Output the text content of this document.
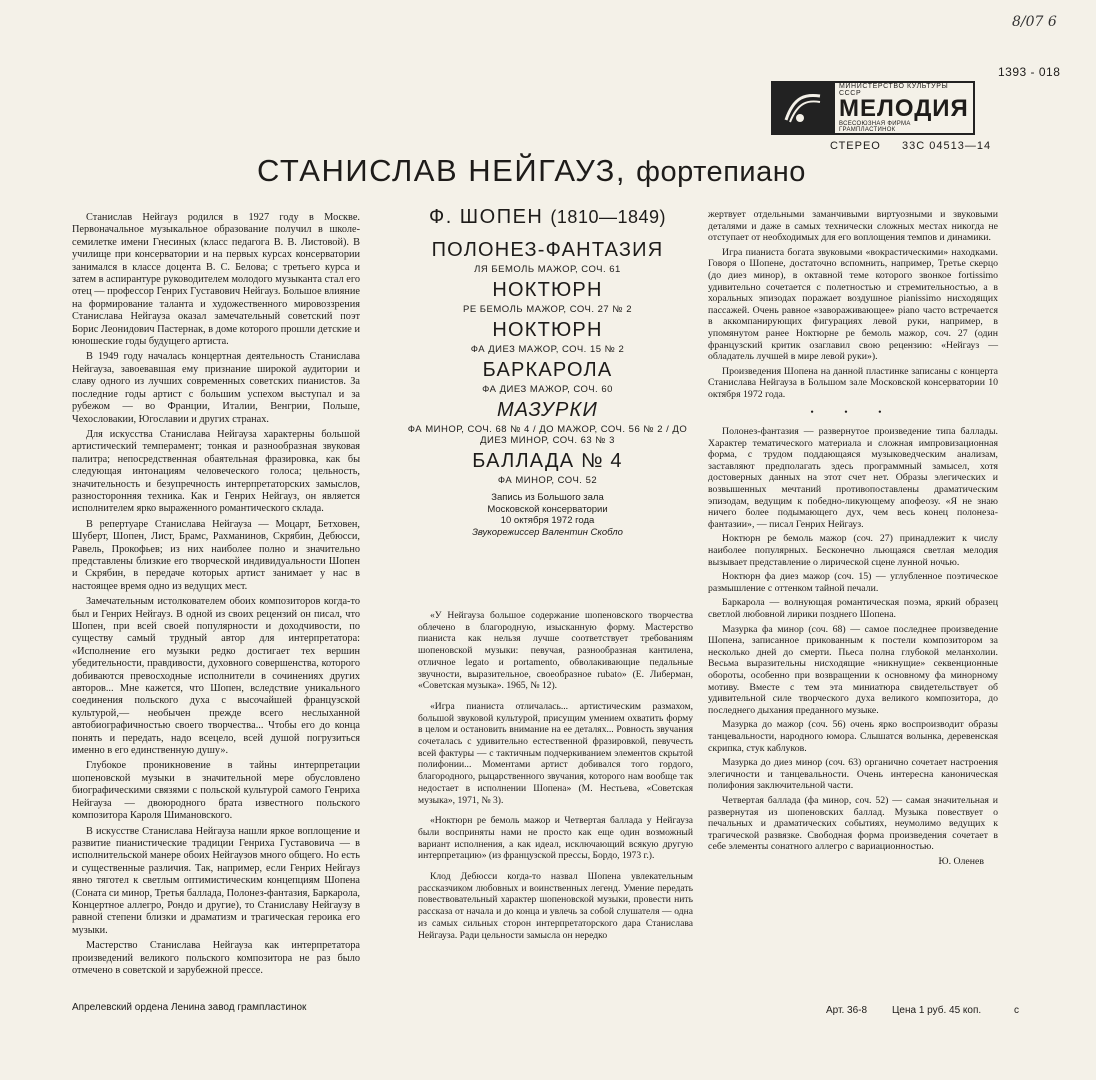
8/07 6
1393 - 018
МИНИСТЕРСТВО КУЛЬТУРЫ СССР
МЕЛОДИЯ
ВСЕСОЮЗНАЯ ФИРМА ГРАМПЛАСТИНОК
СТЕРЕО 33С 04513—14
СТАНИСЛАВ НЕЙГАУЗ, фортепиано

Станислав Нейгауз родился в 1927 году в Москве. Первоначальное музыкальное образование получил в школе-семилетке имени Гнесиных (класс педагога В. В. Листовой). В училище при консерватории и на первых курсах консерватории занимался в классе доцента В. С. Белова; с третьего курса и затем в аспирантуре руководителем молодого музыканта стал его отец — профессор Генрих Густавович Нейгауз. Большое влияние на формирование таланта и художественного мировоззрения Станислава Нейгауза оказал замечательный советский поэт Борис Леонидович Пастернак, в доме которого прошли детские и юношеские годы будущего артиста.

В 1949 году началась концертная деятельность Станислава Нейгауза, завоевавшая ему признание широкой аудитории и славу одного из лучших современных советских пианистов. За последние годы артист с большим успехом выступал и за рубежом — во Франции, Италии, Венгрии, Польше, Чехословакии, Югославии и других странах.

Для искусства Станислава Нейгауза характерны большой артистический темперамент; тонкая и разнообразная звуковая палитра; непосредственная обаятельная фразировка, как бы следующая интонациям человеческого голоса; цельность, значительность и безупречность интерпретаторских замыслов, разносторонняя техника. Как и Генрих Нейгауз, он является исполнителем ярко выраженного романтического склада.

В репертуаре Станислава Нейгауза — Моцарт, Бетховен, Шуберт, Шопен, Лист, Брамс, Рахманинов, Скрябин, Дебюсси, Равель, Прокофьев; из них наиболее полно и значительно представлены близкие его творческой индивидуальности Шопен и Скрябин, в передаче которых артист занимает у нас в настоящее время одно из ведущих мест.

Замечательным истолкователем обоих композиторов когда-то был и Генрих Нейгауз. В одной из своих рецензий он писал, что Шопен, при всей своей популярности и доходчивости, по существу самый трудный автор для интерпретатора: «Исполнение его музыки редко достигает тех вершин убедительности, правдивости, духовного совершенства, которого добиваются превосходные исполнители в сочинениях других авторов... Мне кажется, что Шопен, вследствие уникального соединения польского духа с высочайшей французской культурой,— необычен прежде всего неслыханной автобиографичностью своего творчества... Чтобы его до конца понять и передать, надо всецело, всей душой погрузиться именно в его единственную душу».

Глубокое проникновение в тайны интерпретации шопеновской музыки в значительной мере обусловлено биографическими связями с польской культурой самого Генриха Нейгауза — двоюродного брата известного польского композитора Кароля Шимановского.

В искусстве Станислава Нейгауза нашли яркое воплощение и развитие пианистические традиции Генриха Густавовича — в исполнительской манере обоих Нейгаузов много общего. Но есть и существенные различия. Так, например, если Генрих Нейгауз явно тяготел к светлым оптимистическим концепциям Шопена (Соната си минор, Третья баллада, Полонез-фантазия, Баркарола, Концертное аллегро, Рондо и другие), то Станиславу Нейгаузу в равной степени близки и драматизм и трагическая героика его музыки.

Мастерство Станислава Нейгауза как интерпретатора произведений великого польского композитора не раз было отмечено в советской и зарубежной прессе.

Ф. ШОПЕН (1810—1849)
ПОЛОНЕЗ-ФАНТАЗИЯ
ЛЯ БЕМОЛЬ МАЖОР, СОЧ. 61
НОКТЮРН
РЕ БЕМОЛЬ МАЖОР, СОЧ. 27 № 2
НОКТЮРН
ФА ДИЕЗ МАЖОР, СОЧ. 15 № 2
БАРКАРОЛА
ФА ДИЕЗ МАЖОР, СОЧ. 60
МАЗУРКИ
ФА МИНОР, СОЧ. 68 № 4 / ДО МАЖОР, СОЧ. 56 № 2 / ДО ДИЕЗ МИНОР, СОЧ. 63 № 3
БАЛЛАДА № 4
ФА МИНОР, СОЧ. 52
Запись из Большого зала
Московской консерватории
10 октября 1972 года
Звукорежиссер Валентин Скобло

«У Нейгауза большое содержание шопеновского творчества облечено в благородную, изысканную форму. Мастерство пианиста как нельзя лучше соответствует требованиям шопеновской музыки: певучая, разнообразная кантилена, отличное legato и portamento, обволакивающие педальные звучности, выразительное, своеобразное rubato» (Е. Либерман, «Советская музыка». 1965, № 12).

«Игра пианиста отличалась... артистическим размахом, большой звуковой культурой, присущим умением охватить форму в целом и остановить внимание на ее деталях... Ровность звучания сочеталась с удивительно естественной фразировкой, певучесть всей фактуры — с тактичным подчеркиванием элементов скрытой полифонии... Моментами артист добивался того гордого, благородного, рыцарственного звучания, которого нам вообще так недостает в исполнении Шопена» (М. Нестьева, «Советская музыка», 1971, № 3).

«Ноктюрн ре бемоль мажор и Четвертая баллада у Нейгауза были восприняты нами не просто как еще один возможный вариант исполнения, а как идеал, исключающий всякую другую интерпретацию» (из французской прессы, Бордо, 1973 г.).

Клод Дебюсси когда-то назвал Шопена увлекательным рассказчиком любовных и воинственных легенд. Умение передать повествовательный характер шопеновской музыки, провести нить рассказа от начала и до конца и увлечь за собой слушателя — одна из самых сильных сторон интерпретаторского дара Станислава Нейгауза. Ради цельности замысла он нередко

жертвует отдельными заманчивыми виртуозными и звуковыми деталями и даже в самых технически сложных местах никогда не отступает от необходимых для его воплощения темпов и динамики.

Игра пианиста богата звуковыми «вокрастическими» находками. Говоря о Шопене, достаточно вспомнить, например, Третье скерцо (до диез минор), в октавной теме которого звонкое fortissimo удивительно сочетается с полетностью и стремительностью, а в хоральных эпизодах поражает воздушное pianissimo нисходящих пассажей. Очень равное «завораживающее» piano часто встречается в аккомпанирующих фигурациях левой руки, например, в упомянутом ранее Ноктюрне ре бемоль мажор, соч. 27 (один французский критик озаглавил свою рецензию: «Нейгауз — обладатель лучшей в мире левой руки»).

Произведения Шопена на данной пластинке записаны с концерта Станислава Нейгауза в Большом зале Московской консерватории 10 октября 1972 года.

• • •

Полонез-фантазия — развернутое произведение типа баллады. Характер тематического материала и сложная импровизационная форма, с трудом поддающаяся музыковедческим анализам, заставляют предполагать здесь программный замысел, хотя достоверных данных на этот счет нет. Образы элегических и возвышенных мечтаний противопоставлены драматическим эпизодам, ведущим к победно-ликующему апофеозу. «Я не знаю ничего более подымающего дух, чем весь конец полонеза-фантазии», — писал Генрих Нейгауз.

Ноктюрн ре бемоль мажор (соч. 27) принадлежит к числу наиболее популярных. Бесконечно льющаяся светлая мелодия вызывает представление о лирической сцене лунной ночью.

Ноктюрн фа диез мажор (соч. 15) — углубленное поэтическое размышление с оттенком тайной печали.

Баркарола — волнующая романтическая поэма, яркий образец светлой любовной лирики позднего Шопена.

Мазурка фа минор (соч. 68) — самое последнее произведение Шопена, записанное прикованным к постели композитором за несколько дней до смерти. Пьеса полна глубокой меланхолии. Весьма выразительны нисходящие «никнущие» секвенционные обороты, особенно при возвращении к основному фа минорному мотиву. Вместе с тем эта миниатюра свидетельствует об удивительной силе творческого духа великого композитора, до последнего дыхания преданного музыке.

Мазурка до мажор (соч. 56) очень ярко воспроизводит образы танцевальности, народного юмора. Слышатся волынка, деревенская скрипка, стук каблуков.

Мазурка до диез минор (соч. 63) органично сочетает настроения элегичности и танцевальности. Очень интересна каноническая полифония заключительной части.

Четвертая баллада (фа минор, соч. 52) — самая значительная и развернутая из шопеновских баллад. Музыка повествует о печальных и драматических событиях, неумолимо ведущих к трагической развязке. Свободная форма произведения сочетает в себе элементы сонатного аллегро с вариационностью.

Ю. Оленев

Апрелевский ордена Ленина завод грампластинок	Арт. 36-8 Цена 1 руб. 45 коп.	с
